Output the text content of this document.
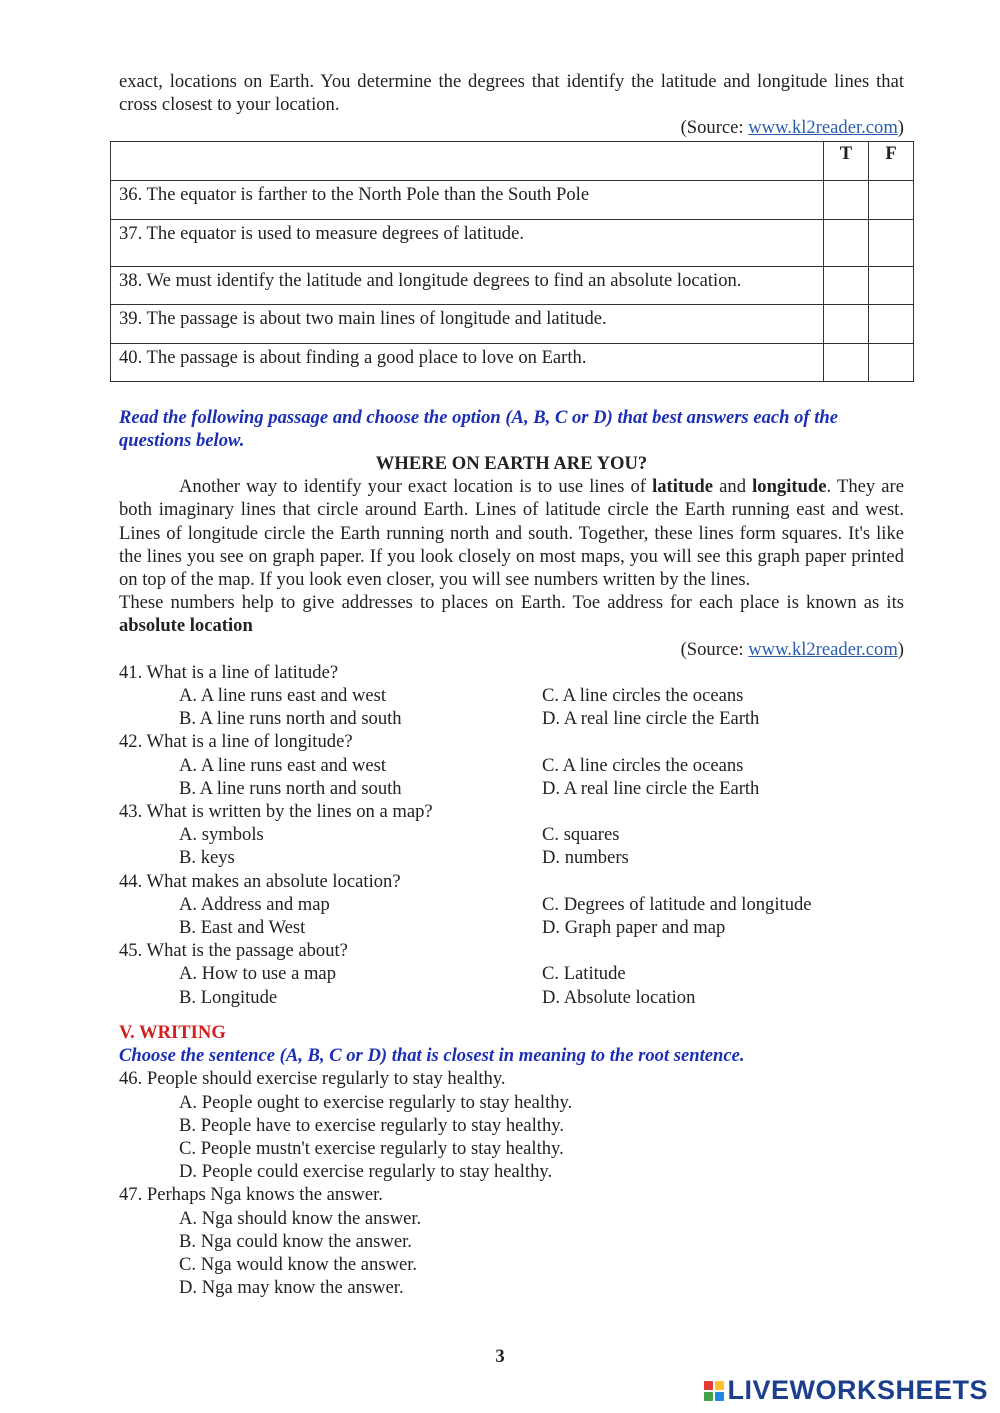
exact, locations on Earth. You determine the degrees that identify the latitude and longitude lines that cross closest to your location.

(Source: www.kl2reader.com)

	T	F

36. The equator is farther to the North Pole than the South Pole		

37. The equator is used to measure degrees of latitude.		

38. We must identify the latitude and longitude degrees to find an absolute location.		

39. The passage is about two main lines of longitude and latitude.		

40. The passage is about finding a good place to love on Earth.		

Read the following passage and choose the option (A, B, C or D) that best answers each of the questions below.

WHERE ON EARTH ARE YOU?

Another way to identify your exact location is to use lines of latitude and longitude. They are both imaginary lines that circle around Earth. Lines of latitude circle the Earth running east and west. Lines of longitude circle the Earth running north and south. Together, these lines form squares. It's like the lines you see on graph paper. If you look closely on most maps, you will see this graph paper printed on top of the map. If you look even closer, you will see numbers written by the lines.

These numbers help to give addresses to places on Earth. Toe address for each place is known as its absolute location

(Source: www.kl2reader.com)

41. What is a line of latitude?

A. A line runs east and west	C. A line circles the oceans
B. A line runs north and south	D. A real line circle the Earth

42. What is a line of longitude?

A. A line runs east and west	C. A line circles the oceans
B. A line runs north and south	D. A real line circle the Earth

43. What is written by the lines on a map?

A. symbols	C. squares
B. keys	D. numbers

44. What makes an absolute location?

A. Address and map	C. Degrees of latitude and longitude
B. East and West	D. Graph paper and map

45. What is the passage about?

A. How to use a map	C. Latitude
B. Longitude	D. Absolute location

V. WRITING

Choose the sentence (A, B, C or D) that is closest in meaning to the root sentence.

46. People should exercise regularly to stay healthy.

A. People ought to exercise regularly to stay healthy.

B. People have to exercise regularly to stay healthy.

C. People mustn't exercise regularly to stay healthy.

D. People could exercise regularly to stay healthy.

47. Perhaps Nga knows the answer.

A. Nga should know the answer.

B. Nga could know the answer.

C. Nga would know the answer.

D. Nga may know the answer.

3
LIVEWORKSHEETS
